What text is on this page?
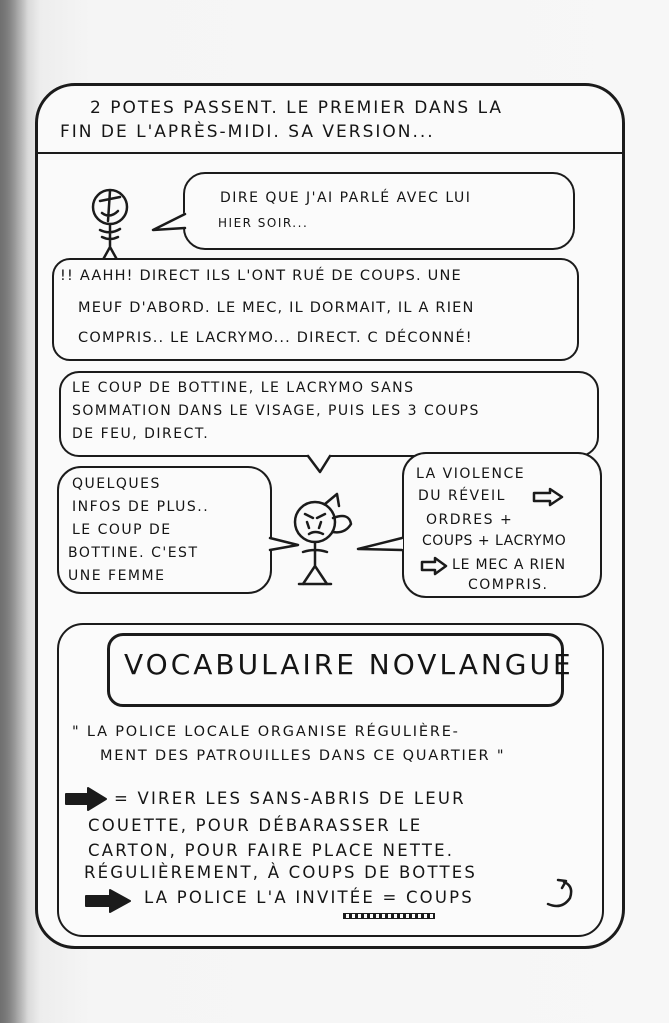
2 POTES PASSENT. LE PREMIER DANS LA
FIN DE L'APRÈS-MIDI. SA VERSION...
DIRE QUE J'AI PARLÉ AVEC LUI
HIER SOIR...
!! AAHH! DIRECT ILS L'ONT RUÉ DE COUPS. UNE
MEUF D'ABORD. LE MEC, IL DORMAIT, IL A RIEN
COMPRIS.. LE LACRYMO... DIRECT. C DÉCONNÉ!
LE COUP DE BOTTINE, LE LACRYMO SANS
SOMMATION DANS LE VISAGE, PUIS LES 3 COUPS
DE FEU, DIRECT.
QUELQUES
INFOS DE PLUS..
LE COUP DE
BOTTINE. C'EST
UNE FEMME
LA VIOLENCE
DU RÉVEIL
ORDRES +
COUPS + LACRYMO
LE MEC A RIEN
COMPRIS.
VOCABULAIRE NOVLANGUE
" LA POLICE LOCALE ORGANISE RÉGULIÈRE-
MENT DES PATROUILLES DANS CE QUARTIER "
= VIRER LES SANS-ABRIS DE LEUR
COUETTE, POUR DÉBARASSER LE
CARTON, POUR FAIRE PLACE NETTE.
RÉGULIÈREMENT, À COUPS DE BOTTES
LA POLICE L'A INVITÉE = COUPS
